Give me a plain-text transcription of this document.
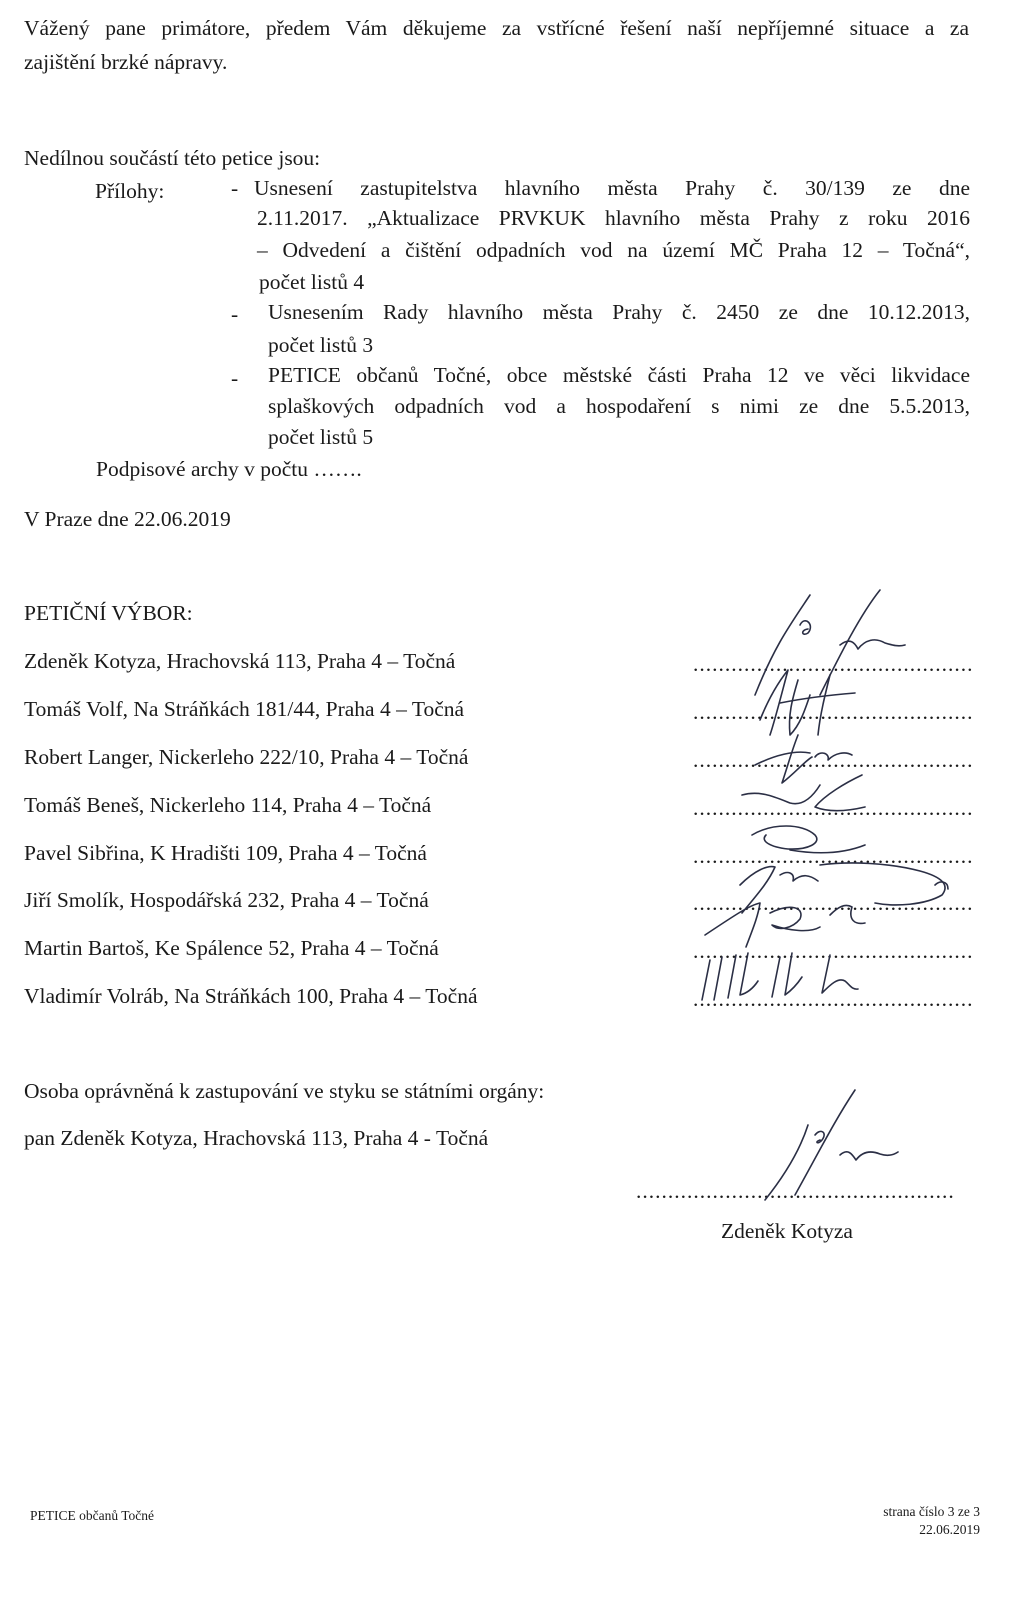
Vážený pane primátore, předem Vám děkujeme za vstřícné řešení naší nepříjemné situace a za
zajištění brzké nápravy.
Nedílnou součástí této petice jsou:
Přílohy:	- Usnesení zastupitelstva hlavního města Prahy č. 30/139 ze dne
2.11.2017. „Aktualizace PRVKUK hlavního města Prahy z roku 2016
– Odvedení a čištění odpadních vod na území MČ Praha 12 – Točná“,
počet listů 4
- Usnesením Rady hlavního města Prahy č. 2450 ze dne 10.12.2013,
počet listů 3
- PETICE občanů Točné, obce městské části Praha 12 ve věci likvidace
splaškových odpadních vod a hospodaření s nimi ze dne 5.5.2013,
počet listů 5
Podpisové archy v počtu …….
V Praze dne 22.06.2019
PETIČNÍ VÝBOR:
Zdeněk Kotyza, Hrachovská 113, Praha 4 – Točná
Tomáš Volf, Na Stráňkách 181/44, Praha 4 – Točná
Robert Langer, Nickerleho 222/10, Praha 4 – Točná
Tomáš Beneš, Nickerleho 114, Praha 4 – Točná
Pavel Sibřina, K Hradišti 109, Praha 4 – Točná
Jiří Smolík, Hospodářská 232, Praha 4 – Točná
Martin Bartoš, Ke Spálence 52, Praha 4 – Točná
Vladimír Volráb, Na Stráňkách 100, Praha 4 – Točná
............................................
............................................
............................................
............................................
............................................
............................................
............................................
............................................
Osoba oprávněná k zastupování ve styku se státními orgány:
pan Zdeněk Kotyza, Hrachovská 113, Praha 4 - Točná
..................................................
Zdeněk Kotyza
PETICE občanů Točné	strana číslo 3 ze 3
22.06.2019
